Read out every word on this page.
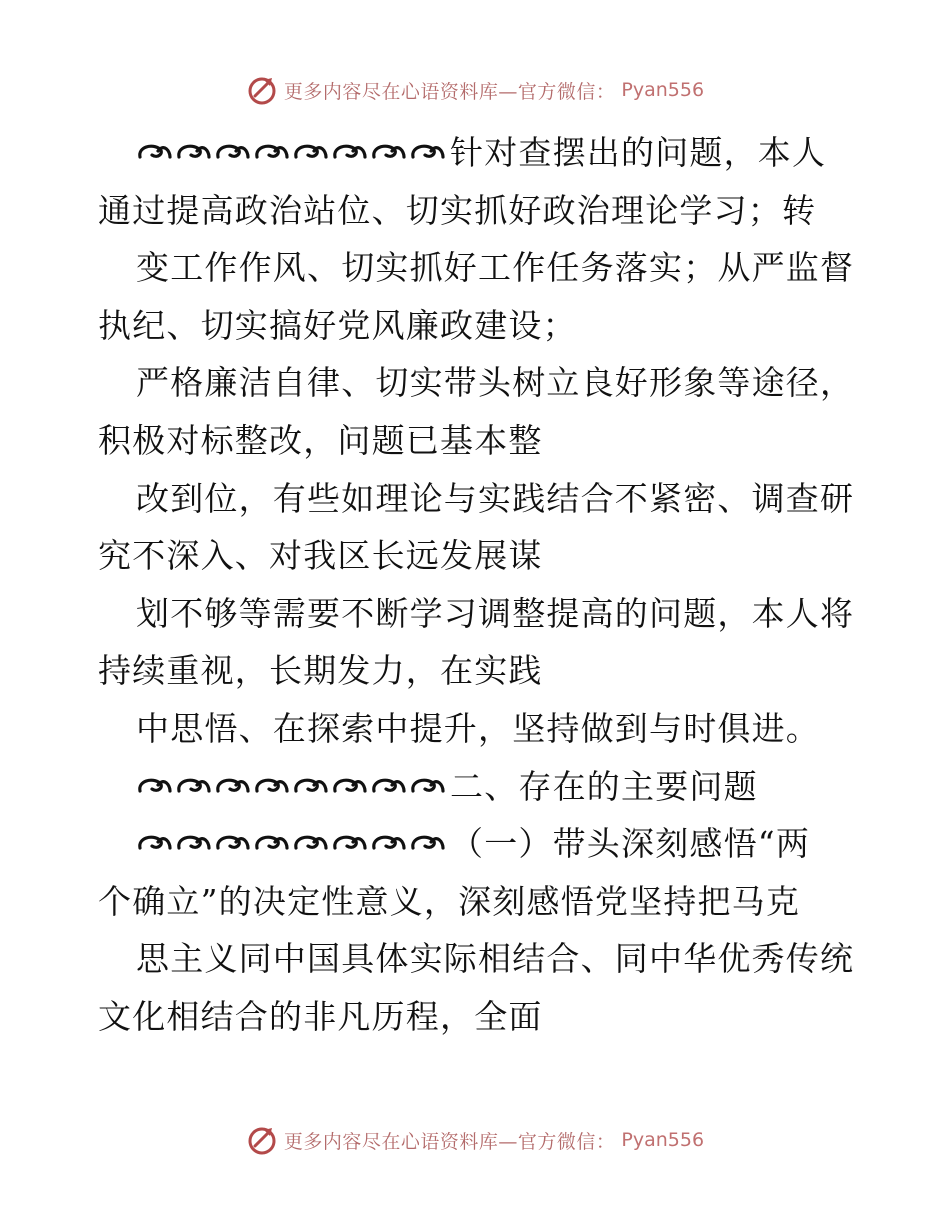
更多内容尽在心语资料库—官方微信： Pyan556
针对查摆出的问题，本人
通过提高政治站位、切实抓好政治理论学习；转
变工作作风、切实抓好工作任务落实；从严监督
执纪、切实搞好党风廉政建设；
严格廉洁自律、切实带头树立良好形象等途径，
积极对标整改，问题已基本整
改到位，有些如理论与实践结合不紧密、调查研
究不深入、对我区长远发展谋
划不够等需要不断学习调整提高的问题，本人将
持续重视，长期发力，在实践
中思悟、在探索中提升，坚持做到与时俱进。
二、存在的主要问题
（一）带头深刻感悟“两
个确立”的决定性意义，深刻感悟党坚持把马克
思主义同中国具体实际相结合、同中华优秀传统
文化相结合的非凡历程，全面
更多内容尽在心语资料库—官方微信： Pyan556
